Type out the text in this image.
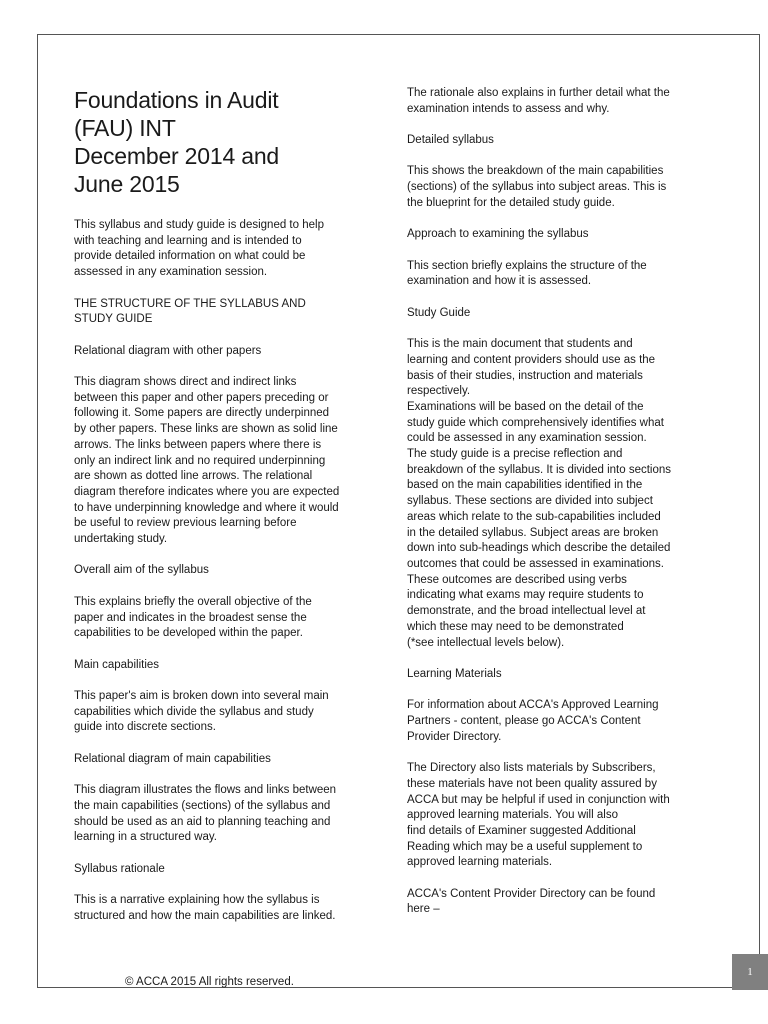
Foundations in Audit
(FAU) INT
December 2014 and
June 2015
This syllabus and study guide is designed to help
with teaching and learning and is intended to
provide detailed information on what could be
assessed in any examination session.
THE STRUCTURE OF THE SYLLABUS AND
STUDY GUIDE
Relational diagram with other papers
This diagram shows direct and indirect links
between this paper and other papers preceding or
following it. Some papers are directly underpinned
by other papers. These links are shown as solid line
arrows. The links between papers where there is
only an indirect link and no required underpinning
are shown as dotted line arrows. The relational
diagram therefore indicates where you are expected
to have underpinning knowledge and where it would
be useful to review previous learning before
undertaking study.
Overall aim of the syllabus
This explains briefly the overall objective of the
paper and indicates in the broadest sense the
capabilities to be developed within the paper.
Main capabilities
This paper's aim is broken down into several main
capabilities which divide the syllabus and study
guide into discrete sections.
Relational diagram of main capabilities
This diagram illustrates the flows and links between
the main capabilities (sections) of the syllabus and
should be used as an aid to planning teaching and
learning in a structured way.
Syllabus rationale
This is a narrative explaining how the syllabus is
structured and how the main capabilities are linked.
The rationale also explains in further detail what the
examination intends to assess and why.
Detailed syllabus
This shows the breakdown of the main capabilities
(sections) of the syllabus into subject areas. This is
the blueprint for the detailed study guide.
Approach to examining the syllabus
This section briefly explains the structure of the
examination and how it is assessed.
Study Guide
This is the main document that students and
learning and content providers should use as the
basis of their studies, instruction and materials
respectively.
Examinations will be based on the detail of the
study guide which comprehensively identifies what
could be assessed in any examination session.
The study guide is a precise reflection and
breakdown of the syllabus. It is divided into sections
based on the main capabilities identified in the
syllabus. These sections are divided into subject
areas which relate to the sub-capabilities included
in the detailed syllabus. Subject areas are broken
down into sub-headings which describe the detailed
outcomes that could be assessed in examinations.
These outcomes are described using verbs
indicating what exams may require students to
demonstrate, and the broad intellectual level at
which these may need to be demonstrated
(*see intellectual levels below).
Learning Materials
For information about ACCA's Approved Learning
Partners - content, please go ACCA's Content
Provider Directory.
The Directory also lists materials by Subscribers,
these materials have not been quality assured by
ACCA but may be helpful if used in conjunction with
approved learning materials. You will also
find details of Examiner suggested Additional
Reading which may be a useful supplement to
approved learning materials.
ACCA's Content Provider Directory can be found
here –
© ACCA 2015 All rights reserved.
1
